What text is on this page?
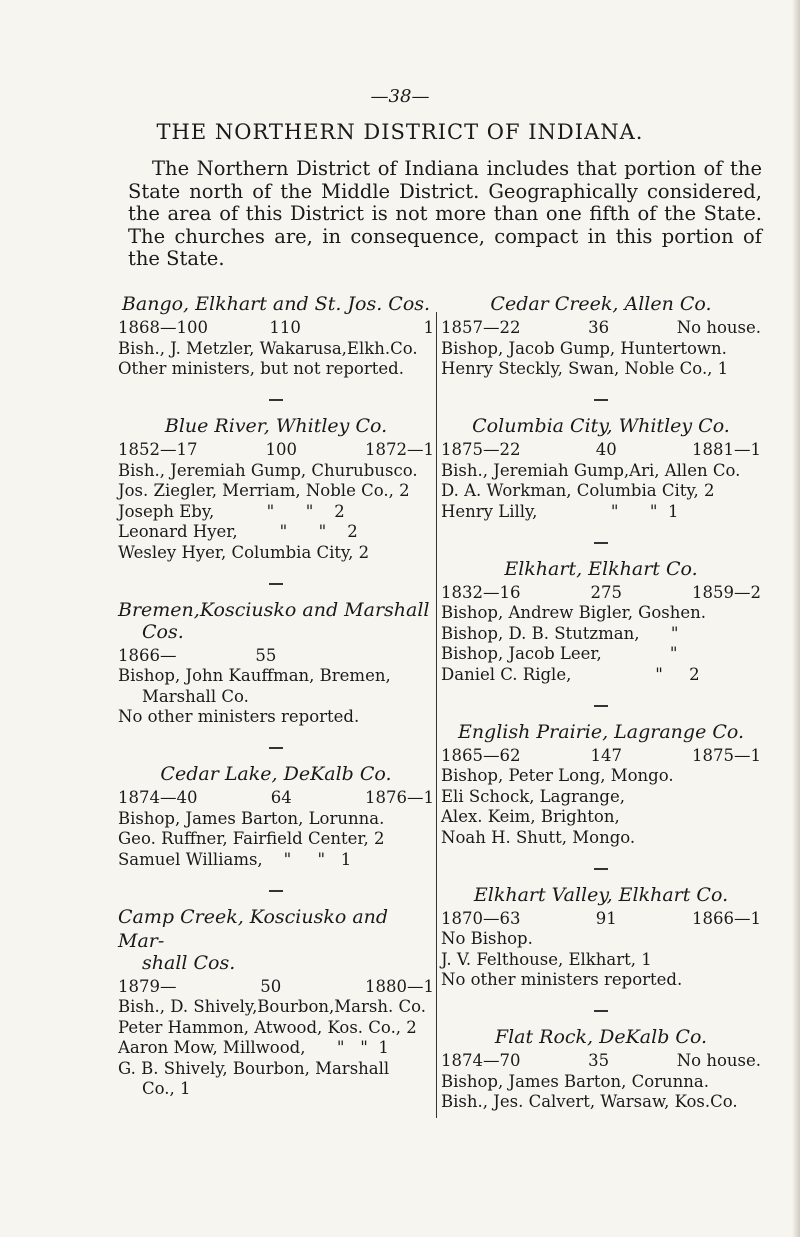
—38—
THE NORTHERN DISTRICT OF INDIANA.

The Northern District of Indiana includes that portion of the State north of the Middle District. Geographically considered, the area of this District is not more than one fifth of the State. The churches are, in consequence, compact in this portion of the State.

Bango, Elkhart and St. Jos. Cos.
1868—100	110	1
Bish., J. Metzler, Wakarusa,Elkh.Co.
Other ministers, but not reported.
Blue River, Whitley Co.
1852—17	100	1872—1
Bish., Jeremiah Gump, Churubusco.
Jos. Ziegler, Merriam, Noble Co., 2
Joseph Eby,          "      "    2
Leonard Hyer,        "      "    2
Wesley Hyer, Columbia City, 2
Bremen,Kosciusko and Marshall
Cos.
1866—	55
Bishop, John Kauffman, Bremen,
Marshall Co.
No other ministers reported.
Cedar Lake, DeKalb Co.
1874—40	64	1876—1
Bishop, James Barton, Lorunna.
Geo. Ruffner, Fairfield Center, 2
Samuel Williams,    "     "   1
Camp Creek, Kosciusko and Mar-
shall Cos.
1879—	50	1880—1
Bish., D. Shively,Bourbon,Marsh. Co.
Peter Hammon, Atwood, Kos. Co., 2
Aaron Mow, Millwood,      "   "  1
G. B. Shively, Bourbon, Marshall
Co., 1
Cedar Creek, Allen Co.
1857—22	36	No house.
Bishop, Jacob Gump, Huntertown.
Henry Steckly, Swan, Noble Co., 1
Columbia City, Whitley Co.
1875—22	40	1881—1
Bish., Jeremiah Gump,Ari, Allen Co.
D. A. Workman, Columbia City, 2
Henry Lilly,              "      "  1
Elkhart, Elkhart Co.
1832—16	275	1859—2
Bishop, Andrew Bigler, Goshen.
Bishop, D. B. Stutzman,      "
Bishop, Jacob Leer,             "
Daniel C. Rigle,                "     2
English Prairie, Lagrange Co.
1865—62	147	1875—1
Bishop, Peter Long, Mongo.
Eli Schock, Lagrange,
Alex. Keim, Brighton,
Noah H. Shutt, Mongo.
Elkhart Valley, Elkhart Co.
1870—63	91	1866—1
No Bishop.
J. V. Felthouse, Elkhart, 1
No other ministers reported.
Flat Rock, DeKalb Co.
1874—70	35	No house.
Bishop, James Barton, Corunna.
Bish., Jes. Calvert, Warsaw, Kos.Co.
